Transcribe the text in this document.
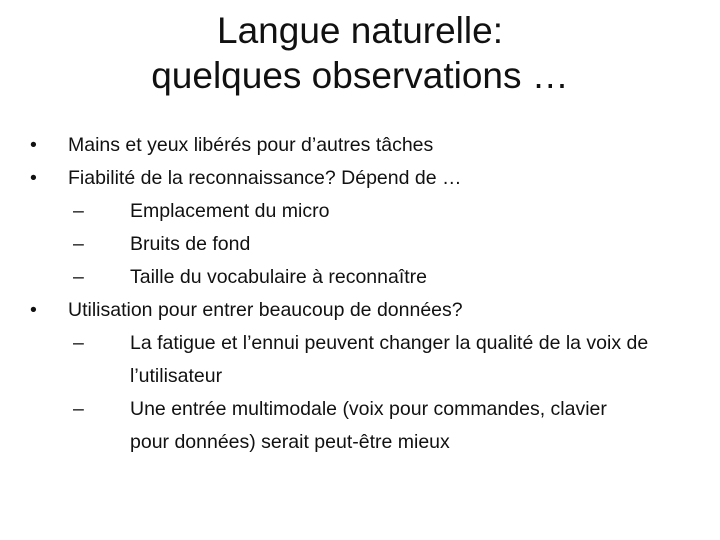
Langue naturelle:
quelques observations …
• Mains et yeux libérés pour d’autres tâches
• Fiabilité de la reconnaissance? Dépend de …
– Emplacement du micro
– Bruits de fond
– Taille du vocabulaire à reconnaître
• Utilisation pour entrer beaucoup de données?
– La fatigue et l’ennui peuvent changer la qualité de la voix de
l’utilisateur
– Une entrée multimodale (voix pour commandes, clavier
pour données) serait peut-être mieux
